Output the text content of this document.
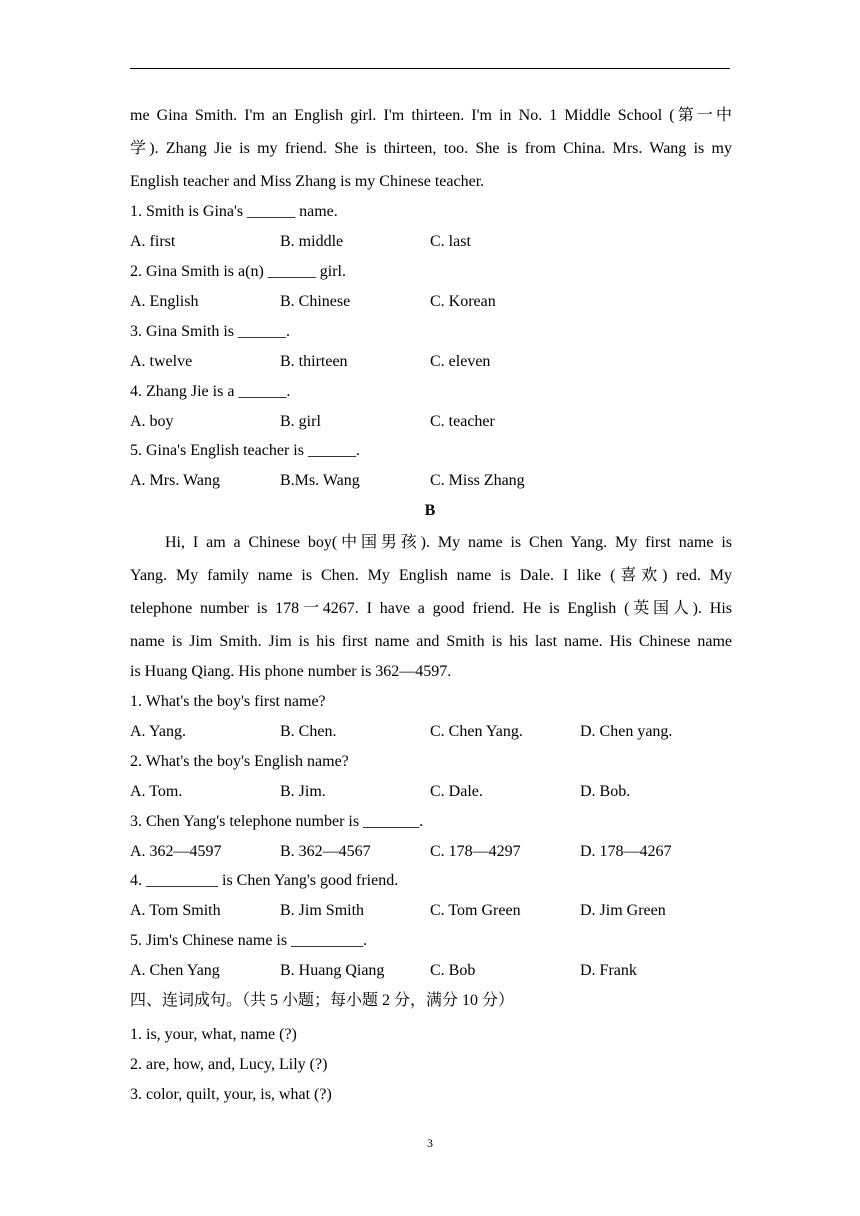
me Gina Smith. I'm an English girl. I'm thirteen. I'm in No. 1 Middle School (第一中
学). Zhang Jie is my friend. She is thirteen, too. She is from China. Mrs. Wang is my
English teacher and Miss Zhang is my Chinese teacher.
1. Smith is Gina's ______ name.
A. first	B. middle	C. last
2. Gina Smith is a(n) ______ girl.
A. English	B. Chinese	C. Korean
3. Gina Smith is ______.
A. twelve	B. thirteen	C. eleven
4. Zhang Jie is a ______.
A. boy	B. girl	C. teacher
5. Gina's English teacher is ______.
A. Mrs. Wang	B.Ms. Wang	C. Miss Zhang
B
Hi, I am a Chinese boy(中国男孩). My name is Chen Yang. My first name is
Yang. My family name is Chen. My English name is Dale. I like (喜欢) red. My
telephone number is 178一4267. I have a good friend. He is English (英国人). His
name is Jim Smith. Jim is his first name and Smith is his last name. His Chinese name
is Huang Qiang. His phone number is 362—4597.
1. What's the boy's first name?
A. Yang.	B. Chen.	C. Chen Yang.	D. Chen yang.
2. What's the boy's English name?
A. Tom.	B. Jim.	C. Dale.	D. Bob.
3. Chen Yang's telephone number is _______.
A. 362—4597	B. 362—4567	C. 178—4297	D. 178—4267
4. _________ is Chen Yang's good friend.
A. Tom Smith	B. Jim Smith	C. Tom Green	D. Jim Green
5. Jim's Chinese name is _________.
A. Chen Yang	B. Huang Qiang	C. Bob	D. Frank
四、连词成句。（共 5 小题；每小题 2 分，满分 10 分）
1. is, your, what, name (?)
2. are, how, and, Lucy, Lily (?)
3. color, quilt, your, is, what (?)
3
